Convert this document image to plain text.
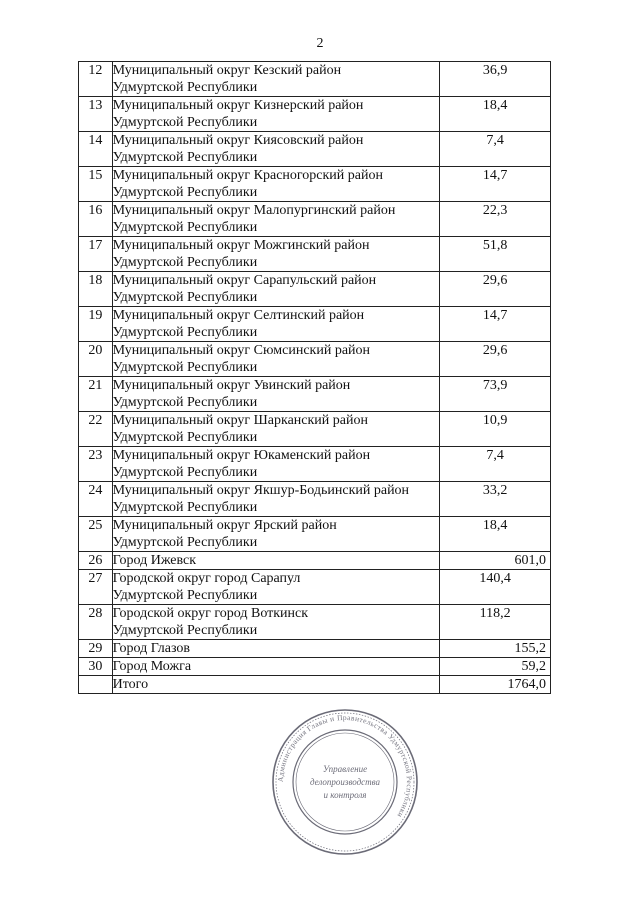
2
12	Муниципальный округ Кезский район
Удмуртской Республики	36,9
13	Муниципальный округ Кизнерский район
Удмуртской Республики	18,4
14	Муниципальный округ Киясовский район
Удмуртской Республики	7,4
15	Муниципальный округ Красногорский район
Удмуртской Республики	14,7
16	Муниципальный округ Малопургинский район
Удмуртской Республики	22,3
17	Муниципальный округ Можгинский район
Удмуртской Республики	51,8
18	Муниципальный округ Сарапульский район
Удмуртской Республики	29,6
19	Муниципальный округ Селтинский район
Удмуртской Республики	14,7
20	Муниципальный округ Сюмсинский район
Удмуртской Республики	29,6
21	Муниципальный округ Увинский район
Удмуртской Республики	73,9
22	Муниципальный округ Шарканский район
Удмуртской Республики	10,9
23	Муниципальный округ Юкаменский район
Удмуртской Республики	7,4
24	Муниципальный округ Якшур-Бодьинский район
Удмуртской Республики	33,2
25	Муниципальный округ Ярский район
Удмуртской Республики	18,4
26	Город Ижевск	601,0
27	Городской округ город Сарапул
Удмуртской Республики	140,4
28	Городской округ город Воткинск
Удмуртской Республики	118,2
29	Город Глазов	155,2
30	Город Можга	59,2
	Итого	1764,0
Администрация Главы и Правительства Удмуртской Республики
Управление
делопроизводства
и контроля
